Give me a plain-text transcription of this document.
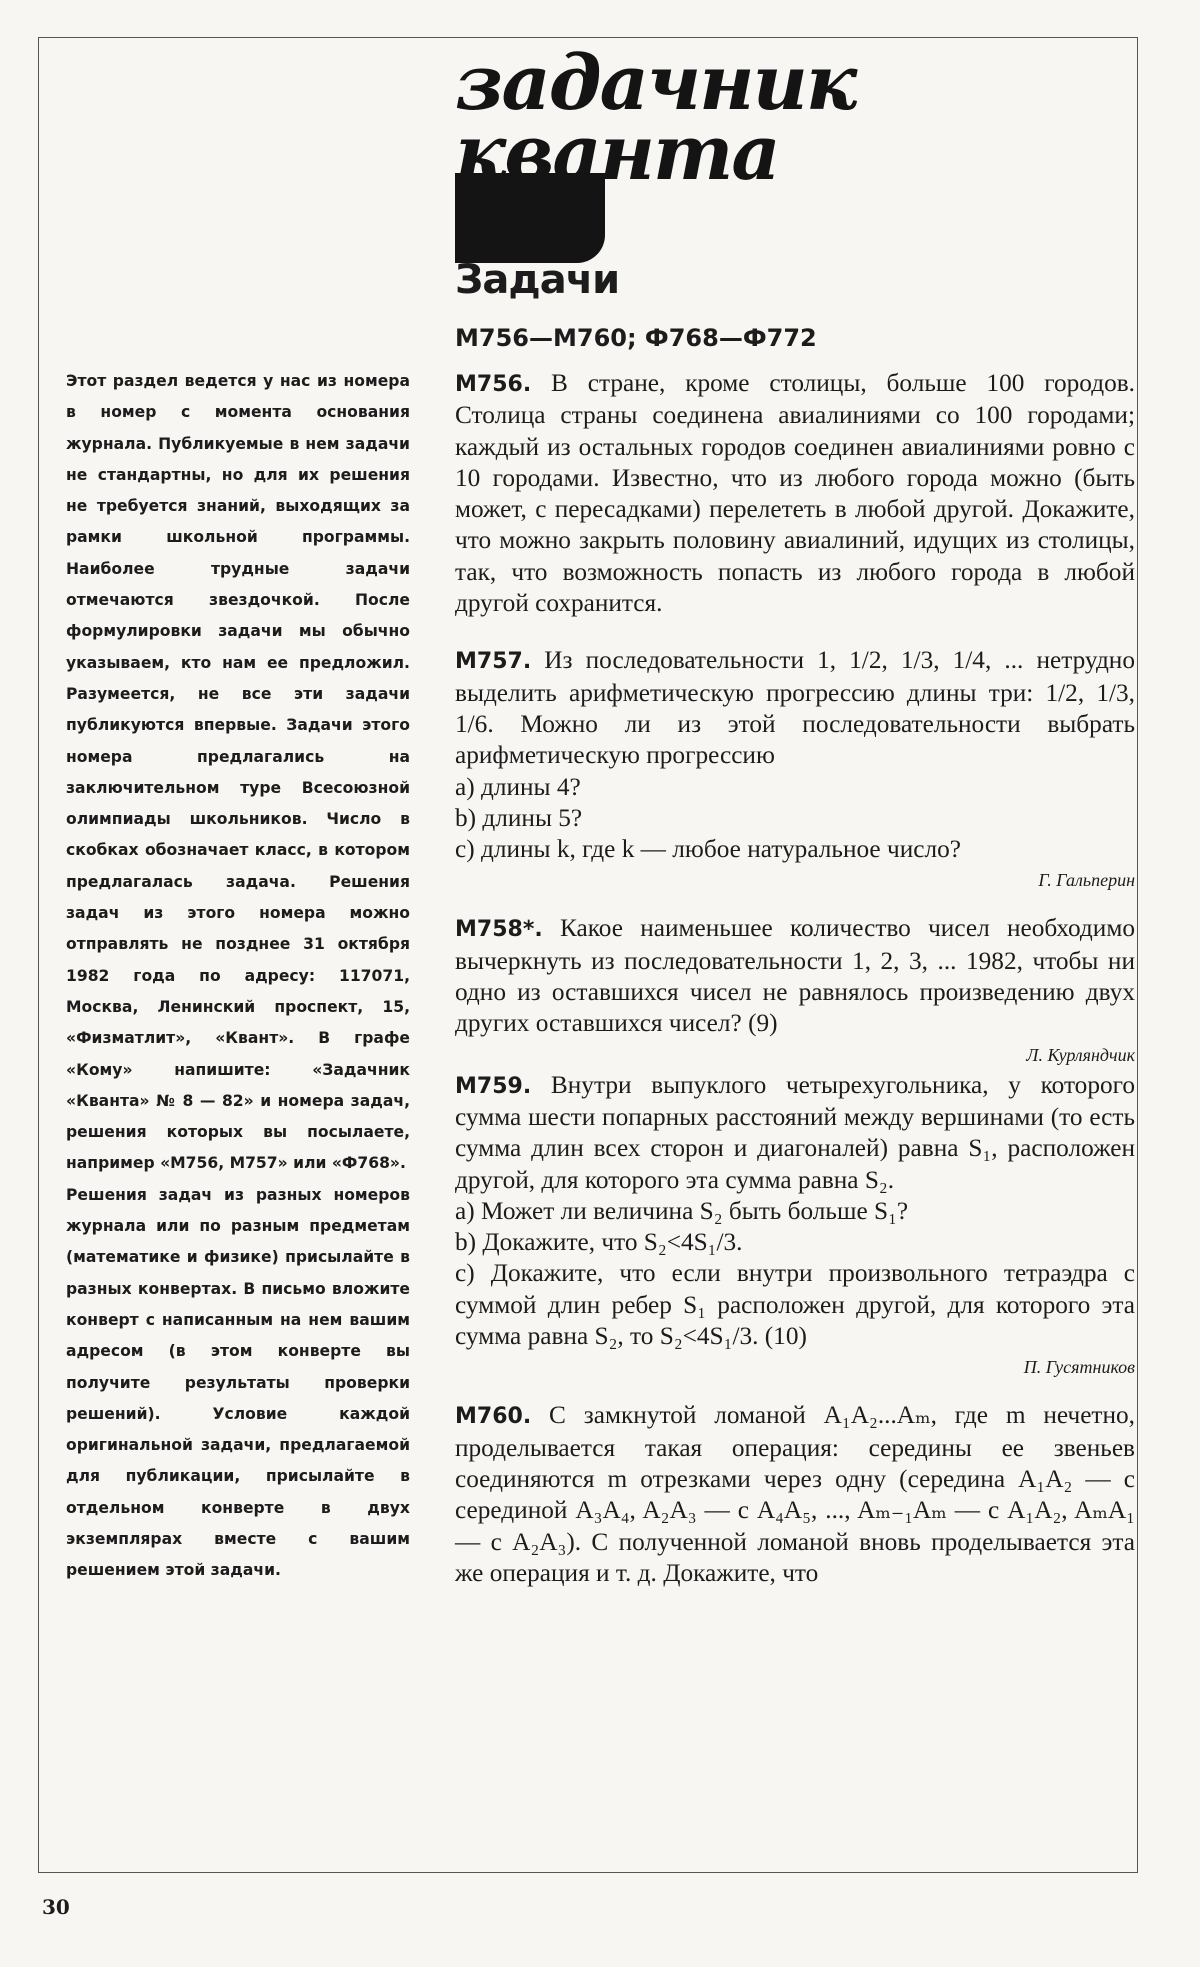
задачник
кванта
Задачи
М756—М760; Ф768—Ф772

Этот раздел ведется у нас из номера в номер с момента основания журнала. Публикуемые в нем задачи не стандартны, но для их решения не требуется знаний, выходящих за рамки школьной программы. Наиболее трудные задачи отмечаются звездочкой. После формулировки задачи мы обычно указываем, кто нам ее предложил. Разумеется, не все эти задачи публикуются впервые. Задачи этого номера предлагались на заключительном туре Всесоюзной олимпиады школьников. Число в скобках обозначает класс, в котором предлагалась задача. Решения задач из этого номера можно отправлять не позднее 31 октября 1982 года по адресу: 117071, Москва, Ленинский проспект, 15, «Физматлит», «Квант». В графе «Кому» напишите: «Задачник «Кванта» № 8 — 82» и номера задач, решения которых вы посылаете, например «М756, М757» или «Ф768».

Решения задач из разных номеров журнала или по разным предметам (математике и физике) присылайте в разных конвертах. В письмо вложите конверт с написанным на нем вашим адресом (в этом конверте вы получите результаты проверки решений). Условие каждой оригинальной задачи, предлагаемой для публикации, присылайте в отдельном конверте в двух экземплярах вместе с вашим решением этой задачи.

М756. В стране, кроме столицы, больше 100 городов. Столица страны соединена авиалиниями со 100 городами; каждый из остальных городов соединен авиалиниями ровно с 10 городами. Известно, что из любого города можно (быть может, с пересадками) перелететь в любой другой. Докажите, что можно закрыть половину авиалиний, идущих из столицы, так, что возможность попасть из любого города в любой другой сохранится.

М757. Из последовательности 1, 1/2, 1/3, 1/4, ... нетрудно выделить арифметическую прогрессию длины три: 1/2, 1/3, 1/6. Можно ли из этой последовательности выбрать арифметическую прогрессию
a) длины 4?
b) длины 5?
c) длины k, где k — любое натуральное число?

Г. Гальперин

М758*. Какое наименьшее количество чисел необходимо вычеркнуть из последовательности 1, 2, 3, ... 1982, чтобы ни одно из оставшихся чисел не равнялось произведению двух других оставшихся чисел? (9)

Л. Курляндчик

М759. Внутри выпуклого четырехугольника, у которого сумма шести попарных расстояний между вершинами (то есть сумма длин всех сторон и диагоналей) равна S₁, расположен другой, для которого эта сумма равна S₂.
a) Может ли величина S₂ быть больше S₁?
b) Докажите, что S₂<4S₁/3.
c) Докажите, что если внутри произвольного тетраэдра с суммой длин ребер S₁ расположен другой, для которого эта сумма равна S₂, то S₂<4S₁/3. (10)

П. Гусятников

М760. С замкнутой ломаной A₁A₂...Aₘ, где m нечетно, проделывается такая операция: середины ее звеньев соединяются m отрезками через одну (середина A₁A₂ — с серединой A₃A₄, A₂A₃ — с A₄A₅, ..., Aₘ₋₁Aₘ — с A₁A₂, AₘA₁ — с A₂A₃). С полученной ломаной вновь проделывается эта же операция и т. д. Докажите, что

30
